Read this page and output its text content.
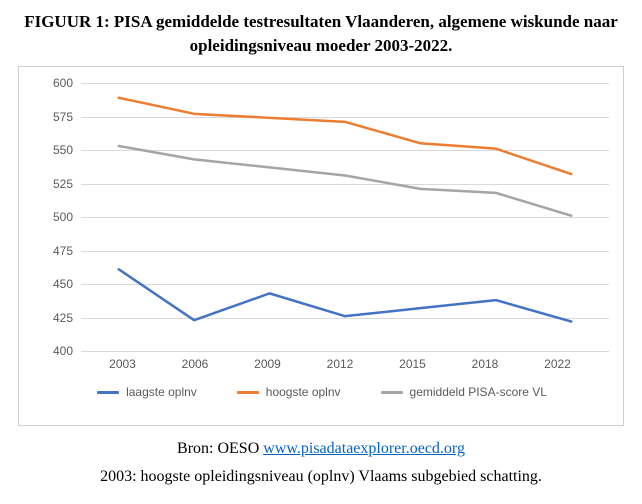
FIGUUR 1: PISA gemiddelde testresultaten Vlaanderen, algemene wiskunde naar opleidingsniveau moeder 2003-2022.
600
575
550
525
500
475
450
425
400
2003	2006	2009	2012	2015	2018	2022
laagste oplnv	hoogste oplnv	gemiddeld PISA-score VL
Bron: OESO www.pisadataexplorer.oecd.org
2003: hoogste opleidingsniveau (oplnv) Vlaams subgebied schatting.
